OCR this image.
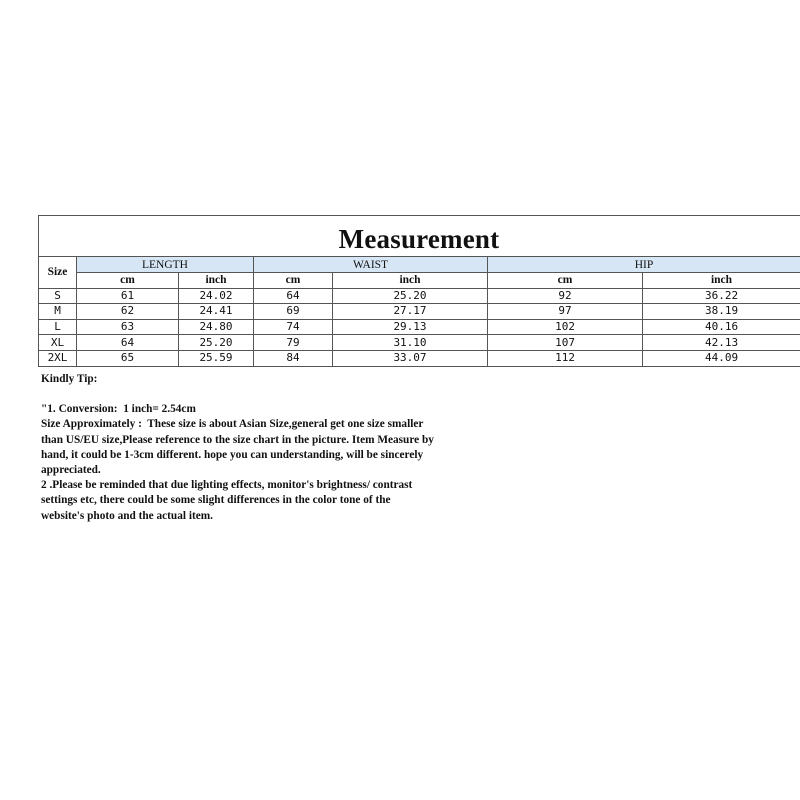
Measurement
Size	LENGTH		WAIST		HIP	
	cm	inch	cm	inch	cm	inch
S	61	24.02	64	25.20	92	36.22
M	62	24.41	69	27.17	97	38.19
L	63	24.80	74	29.13	102	40.16
XL	64	25.20	79	31.10	107	42.13
2XL	65	25.59	84	33.07	112	44.09

Kindly Tip:

"1. Conversion:  1 inch= 2.54cm

Size Approximately :  These size is about Asian Size,general get one size smaller

than US/EU size,Please reference to the size chart in the picture. Item Measure by

hand, it could be 1-3cm different. hope you can understanding, will be sincerely

appreciated.

2 .Please be reminded that due lighting effects, monitor's brightness/ contrast

settings etc, there could be some slight differences in the color tone of the

website's photo and the actual item.
